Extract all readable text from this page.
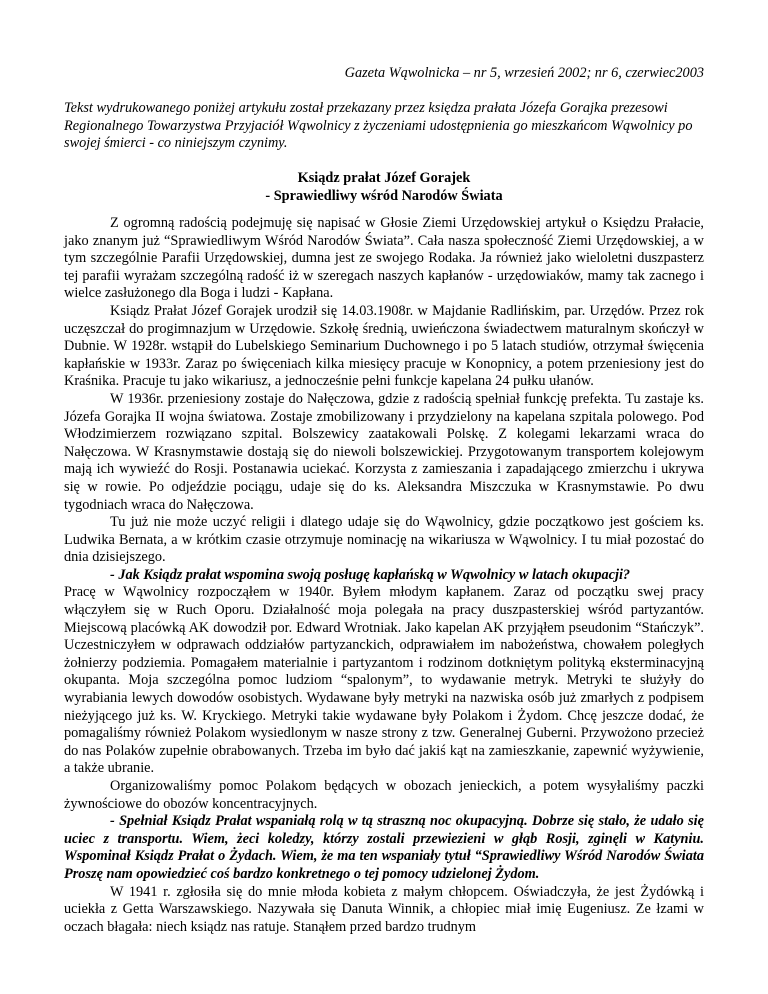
Gazeta Wąwolnicka – nr 5, wrzesień 2002; nr 6, czerwiec2003
Tekst wydrukowanego poniżej artykułu został przekazany przez księdza prałata Józefa Gorajka prezesowi Regionalnego Towarzystwa Przyjaciół Wąwolnicy z życzeniami udostępnienia go mieszkańcom Wąwolnicy po swojej śmierci - co niniejszym czynimy.
Ksiądz prałat Józef Gorajek
- Sprawiedliwy wśród Narodów Świata

Z ogromną radością podejmuję się napisać w Głosie Ziemi Urzędowskiej artykuł o Księdzu Prałacie, jako znanym już “Sprawiedliwym Wśród Narodów Świata”. Cała nasza społeczność Ziemi Urzędowskiej, a w tym szczególnie Parafii Urzędowskiej, dumna jest ze swojego Rodaka. Ja również jako wieloletni duszpasterz tej parafii wyrażam szczególną radość iż w szeregach naszych kapłanów - urzędowiaków, mamy tak zacnego i wielce zasłużonego dla Boga i ludzi - Kapłana.

Ksiądz Prałat Józef Gorajek urodził się 14.03.1908r. w Majdanie Radlińskim, par. Urzędów. Przez rok uczęszczał do progimnazjum w Urzędowie. Szkołę średnią, uwieńczona świadectwem maturalnym skończył w Dubnie. W 1928r. wstąpił do Lubelskiego Seminarium Duchownego i po 5 latach studiów, otrzymał święcenia kapłańskie w 1933r. Zaraz po święceniach kilka miesięcy pracuje w Konopnicy, a potem przeniesiony jest do Kraśnika. Pracuje tu jako wikariusz, a jednocześnie pełni funkcje kapelana 24 pułku ułanów.

W 1936r. przeniesiony zostaje do Nałęczowa, gdzie z radością spełniał funkcję prefekta. Tu zastaje ks. Józefa Gorajka II wojna światowa. Zostaje zmobilizowany i przydzielony na kapelana szpitala polowego. Pod Włodzimierzem rozwiązano szpital. Bolszewicy zaatakowali Polskę. Z kolegami lekarzami wraca do Nałęczowa. W Krasnymstawie dostają się do niewoli bolszewickiej. Przygotowanym transportem kolejowym mają ich wywieźć do Rosji. Postanawia uciekać. Korzysta z zamieszania i zapadającego zmierzchu i ukrywa się w rowie. Po odjeździe pociągu, udaje się do ks. Aleksandra Miszczuka w Krasnymstawie. Po dwu tygodniach wraca do Nałęczowa.

Tu już nie może uczyć religii i dlatego udaje się do Wąwolnicy, gdzie początkowo jest gościem ks. Ludwika Bernata, a w krótkim czasie otrzymuje nominację na wikariusza w Wąwolnicy. I tu miał pozostać do dnia dzisiejszego.

- Jak Ksiądz prałat wspomina swoją posługę kapłańską w Wąwolnicy w latach okupacji?

Pracę w Wąwolnicy rozpocząłem w 1940r. Byłem młodym kapłanem. Zaraz od początku swej pracy włączyłem się w Ruch Oporu. Działalność moja polegała na pracy duszpasterskiej wśród partyzantów. Miejscową placówką AK dowodził por. Edward Wrotniak. Jako kapelan AK przyjąłem pseudonim “Stańczyk”. Uczestniczyłem w odprawach oddziałów partyzanckich, odprawiałem im nabożeństwa, chowałem poległych żołnierzy podziemia. Pomagałem materialnie i partyzantom i rodzinom dotkniętym polityką eksterminacyjną okupanta. Moja szczególna pomoc ludziom “spalonym”, to wydawanie metryk. Metryki te służyły do wyrabiania lewych dowodów osobistych. Wydawane były metryki na nazwiska osób już zmarłych z podpisem nieżyjącego już ks. W. Kryckiego. Metryki takie wydawane były Polakom i Żydom. Chcę jeszcze dodać, że pomagaliśmy również Polakom wysiedlonym w nasze strony z tzw. Generalnej Guberni. Przywożono przecież do nas Polaków zupełnie obrabowanych. Trzeba im było dać jakiś kąt na zamieszkanie, zapewnić wyżywienie, a także ubranie.

Organizowaliśmy pomoc Polakom będących w obozach jenieckich, a potem wysyłaliśmy paczki żywnościowe do obozów koncentracyjnych.

- Spełniał Ksiądz Prałat wspaniałą rolą w tą straszną noc okupacyjną. Dobrze się stało, że udało się uciec z transportu. Wiem, żeci koledzy, którzy zostali przewiezieni w głąb Rosji, zginęli w Katyniu. Wspominał Ksiądz Prałat o Żydach. Wiem, że ma ten wspaniały tytuł “Sprawiedliwy Wśród Narodów Świata Proszę nam opowiedzieć coś bardzo konkretnego o tej pomocy udzielonej Żydom.

W 1941 r. zgłosiła się do mnie młoda kobieta z małym chłopcem. Oświadczyła, że jest Żydówką i uciekła z Getta Warszawskiego. Nazywała się Danuta Winnik, a chłopiec miał imię Eugeniusz. Ze łzami w oczach błagała: niech ksiądz nas ratuje. Stanąłem przed bardzo trudnym
